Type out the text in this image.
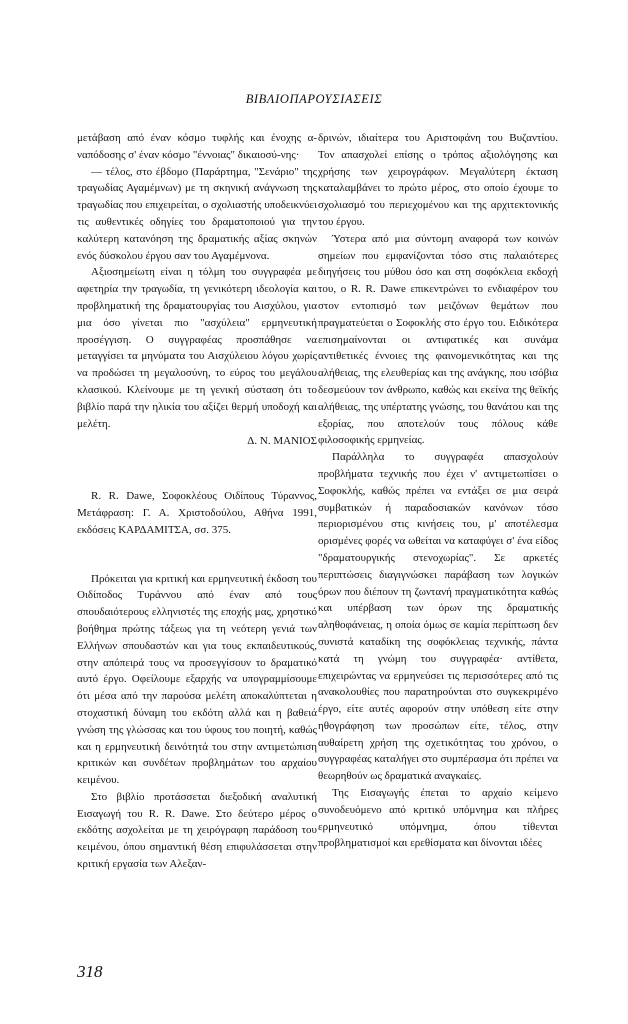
ΒΙΒΛΙΟΠΑΡΟΥΣΙΑΣΕΙΣ

μετάβαση από έναν κόσμο τυφλής και ένοχης α-ναπόδοσης σ' έναν κόσμο "έννοιας" δικαιοσύ-νης·

— τέλος, στο έβδομο (Παράρτημα, "Σενάριο" της τραγωδίας Αγαμέμνων) με τη σκηνική ανάγνωση της τραγωδίας που επιχειρείται, ο σχολιαστής υποδεικνύει τις αυθεντικές οδηγίες του δραματοποιού για την καλύτερη κατανόηση της δραματικής αξίας σκηνών ενός δύσκολου έργου σαν του Αγαμέμνονα.

Αξιοσημείωτη είναι η τόλμη του συγγραφέα με αφετηρία την τραγωδία, τη γενικότερη ιδεολογία και προβληματική της δραματουργίας του Αισχύλου, για μια όσο γίνεται πιο "ασχύλεια" ερμηνευτική προσέγγιση. Ο συγγραφέας προσπάθησε να μεταγγίσει τα μηνύματα του Αισχύλειου λόγου χωρίς να προδώσει τη μεγαλοσύνη, το εύρος του μεγάλου κλασικού. Κλείνουμε με τη γενική σύσταση ότι το βιβλίο παρά την ηλικία του αξίζει θερμή υποδοχή και μελέτη.

Δ. Ν. ΜΑΝΙΟΣ

R. R. Dawe, Σοφοκλέους Οιδίπους Τύραννος, Μετάφραση: Γ. Α. Χριστοδούλου, Αθήνα 1991, εκδόσεις ΚΑΡΔΑΜΙΤΣΑ, σσ. 375.

Πρόκειται για κριτική και ερμηνευτική έκδοση του Οιδίποδος Τυράννου από έναν από τους σπουδαιότερους ελληνιστές της εποχής μας, χρηστικό βοήθημα πρώτης τάξεως για τη νεότερη γενιά των Ελλήνων σπουδαστών και για τους εκπαιδευτικούς, στην απόπειρά τους να προσεγγίσουν το δραματικό αυτό έργο. Οφείλουμε εξαρχής να υπογραμμίσουμε ότι μέσα από την παρούσα μελέτη αποκαλύπτεται η στοχαστική δύναμη του εκδότη αλλά και η βαθειά γνώση της γλώσσας και του ύφους του ποιητή, καθώς και η ερμηνευτική δεινότητά του στην αντιμετώπιση κριτικών και συνδέτων προβλημάτων του αρχαίου κειμένου.

Στο βιβλίο προτάσσεται διεξοδική αναλυτική Εισαγωγή του R. R. Dawe. Στο δεύτερο μέρος ο εκδότης ασχολείται με τη χειρόγραφη παράδοση του κειμένου, όπου σημαντική θέση επιφυλάσσεται στην κριτική εργασία των Αλεξαν-

δρινών, ιδιαίτερα του Αριστοφάνη του Βυζαντίου. Τον απασχολεί επίσης ο τρόπος αξιολόγησης και χρήσης των χειρογράφων. Μεγαλύτερη έκταση καταλαμβάνει το πρώτο μέρος, στο οποίο έχουμε το σχολιασμό του περιεχομένου και της αρχιτεκτονικής του έργου.

Ύστερα από μια σύντομη αναφορά των κοινών σημείων που εμφανίζονται τόσο στις παλαιότερες διηγήσεις του μύθου όσο και στη σοφόκλεια εκδοχή του, ο R. R. Dawe επικεντρώνει το ενδιαφέρον του στον εντοπισμό των μειζόνων θεμάτων που πραγματεύεται ο Σοφοκλής στο έργο του. Ειδικότερα επισημαίνονται οι αντιφατικές και συνάμα αντιθετικές έννοιες της φαινομενικότητας και της αλήθειας, της ελευθερίας και της ανάγκης, που ισόβια δεσμεύουν τον άνθρωπο, καθώς και εκείνα της θεϊκής αλήθειας, της υπέρτατης γνώσης, του θανάτου και της εξορίας, που αποτελούν τους πόλους κάθε φιλοσοφικής ερμηνείας.

Παράλληλα το συγγραφέα απασχολούν προβλήματα τεχνικής που έχει ν' αντιμετωπίσει ο Σοφοκλής, καθώς πρέπει να εντάξει σε μια σειρά συμβατικών ή παραδοσιακών κανόνων τόσο περιορισμένου στις κινήσεις του, μ' αποτέλεσμα ορισμένες φορές να ωθείται να καταφύγει σ' ένα είδος "δραματουργικής στενοχωρίας". Σε αρκετές περιπτώσεις διαγιγνώσκει παράβαση των λογικών όρων που διέπουν τη ζωντανή πραγματικότητα καθώς και υπέρβαση των όρων της δραματικής αληθοφάνειας, η οποία όμως σε καμία περίπτωση δεν συνιστά καταδίκη της σοφόκλειας τεχνικής, πάντα κατά τη γνώμη του συγγραφέα· αντίθετα, επιχειρώντας να ερμηνεύσει τις περισσότερες από τις ανακολουθίες που παρατηρούνται στο συγκεκριμένο έργο, είτε αυτές αφορούν στην υπόθεση είτε στην ηθογράφηση των προσώπων είτε, τέλος, στην αυθαίρετη χρήση της σχετικότητας του χρόνου, ο συγγραφέας καταλήγει στο συμπέρασμα ότι πρέπει να θεωρηθούν ως δραματικά αναγκαίες.

Της Εισαγωγής έπεται το αρχαίο κείμενο συνοδευόμενο από κριτικό υπόμνημα και πλήρες ερμηνευτικό υπόμνημα, όπου τίθενται προβληματισμοί και ερεθίσματα και δίνονται ιδέες

318
